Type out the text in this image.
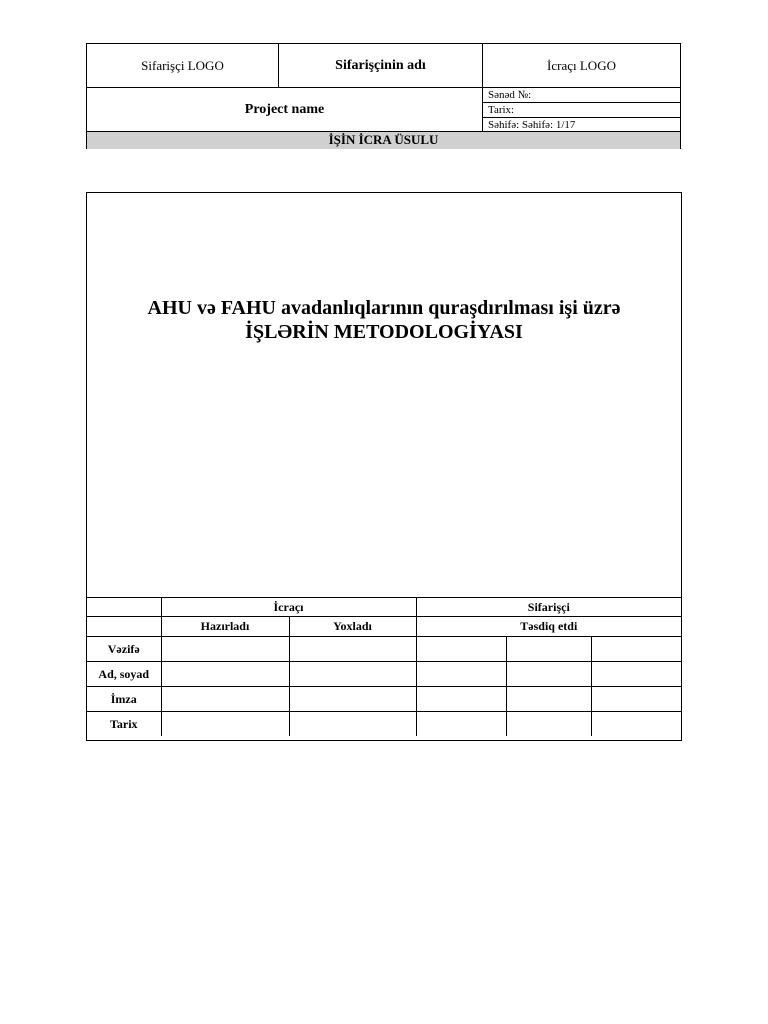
Sifarişçi LOGO	Sifarişçinin adı	İcraçı LOGO
Project name
Sənəd №:
Tarix:
Səhifə: Səhifə: 1/17
İŞİN İCRA ÜSULU
AHU və FAHU avadanlıqlarının quraşdırılması işi üzrə
İŞLƏRİN METODOLOGİYASI
	İcraçı		Sifarişçi		
	Hazırladı	Yoxladı	Təsdiq etdi		
Vəzifə					
Ad, soyad					
İmza					
Tarix					
